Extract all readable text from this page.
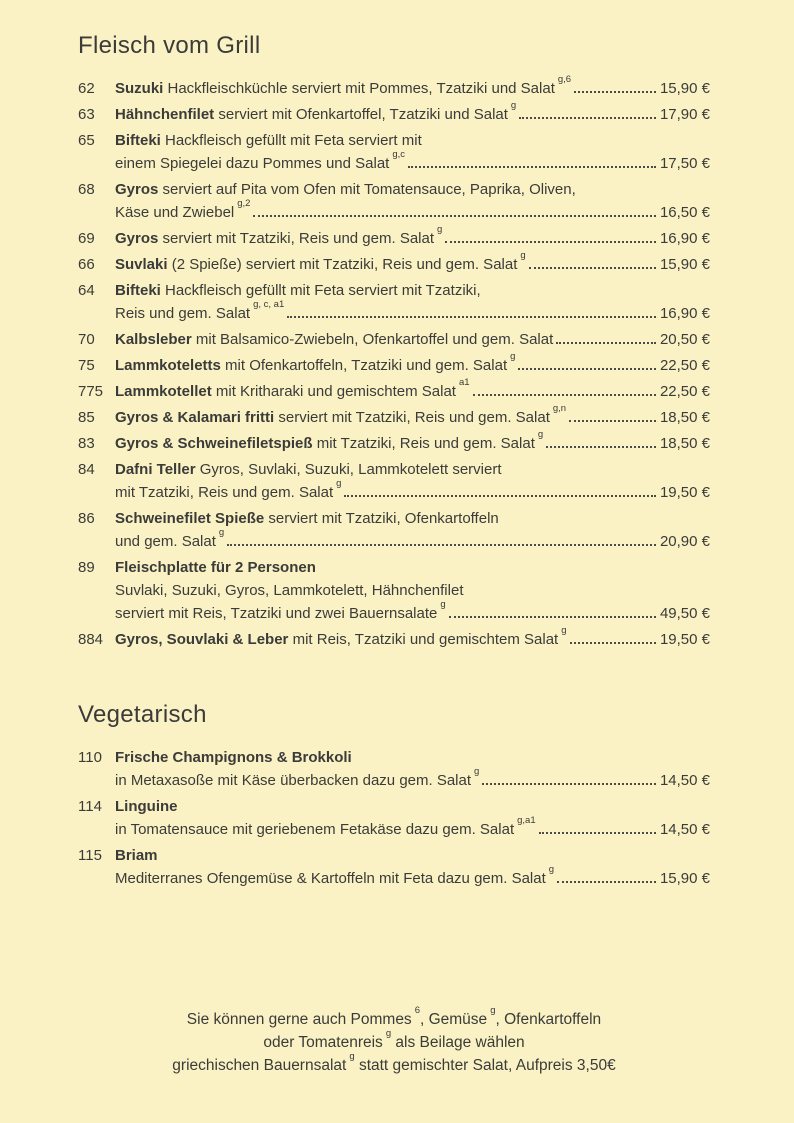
Fleisch vom Grill
62	Suzuki Hackfleischküchle serviert mit Pommes, Tzatziki und Salat$^{g,6}$
15,90 €
63	Hähnchenfilet serviert mit Ofenkartoffel, Tzatziki und Salat$^g$
17,90 €
65	Bifteki Hackfleisch gefüllt mit Feta serviert mit
einem Spiegelei dazu Pommes und Salat$^{g,c}$
17,50 €
68	Gyros serviert auf Pita vom Ofen mit Tomatensauce, Paprika, Oliven,
Käse und Zwiebel$^{g,2}$
16,50 €
69	Gyros serviert mit Tzatziki, Reis und gem. Salat$^g$
16,90 €
66	Suvlaki (2 Spieße) serviert mit Tzatziki, Reis und gem. Salat$^g$
15,90 €
64	Bifteki Hackfleisch gefüllt mit Feta serviert mit Tzatziki,
Reis und gem. Salat$^{g, c, a1}$
16,90 €
70	Kalbsleber mit Balsamico-Zwiebeln, Ofenkartoffel und gem. Salat	20,50 €
75	Lammkoteletts mit Ofenkartoffeln, Tzatziki und gem. Salat$^g$
22,50 €
775 Lammkotellet mit Kritharaki und gemischtem Salat$^{a1}$
22,50 €
85	Gyros & Kalamari fritti serviert mit Tzatziki, Reis und gem. Salat$^{g,n}$
18,50 €
83	Gyros & Schweinefiletspieß mit Tzatziki, Reis und gem. Salat$^g$
18,50 €
84	Dafni Teller Gyros, Suvlaki, Suzuki, Lammkotelett serviert
mit Tzatziki, Reis und gem. Salat$^g$
19,50 €
86	Schweinefilet Spieße serviert mit Tzatziki, Ofenkartoffeln
und gem. Salat$^g$
20,90 €
89	Fleischplatte für 2 Personen
Suvlaki, Suzuki, Gyros, Lammkotelett, Hähnchenfilet
serviert mit Reis, Tzatziki und zwei Bauernsalate$^g$
49,50 €
884 Gyros, Souvlaki & Leber mit Reis, Tzatziki und gemischtem Salat$^g$
19,50 €
Vegetarisch
110 Frische Champignons & Brokkoli
in Metaxasoße mit Käse überbacken dazu gem. Salat$^g$
14,50 €
114 Linguine
in Tomatensauce mit geriebenem Fetakäse dazu gem. Salat$^{g,a1}$
14,50 €
115 Briam
Mediterranes Ofengemüse & Kartoffeln mit Feta dazu gem. Salat$^g$
15,90 €
Sie können gerne auch Pommes$^6$, Gemüse$^g$, Ofenkartoffeln
oder Tomatenreis$^g$ als Beilage wählen
griechischen Bauernsalat$^g$ statt gemischter Salat, Aufpreis 3,50€
